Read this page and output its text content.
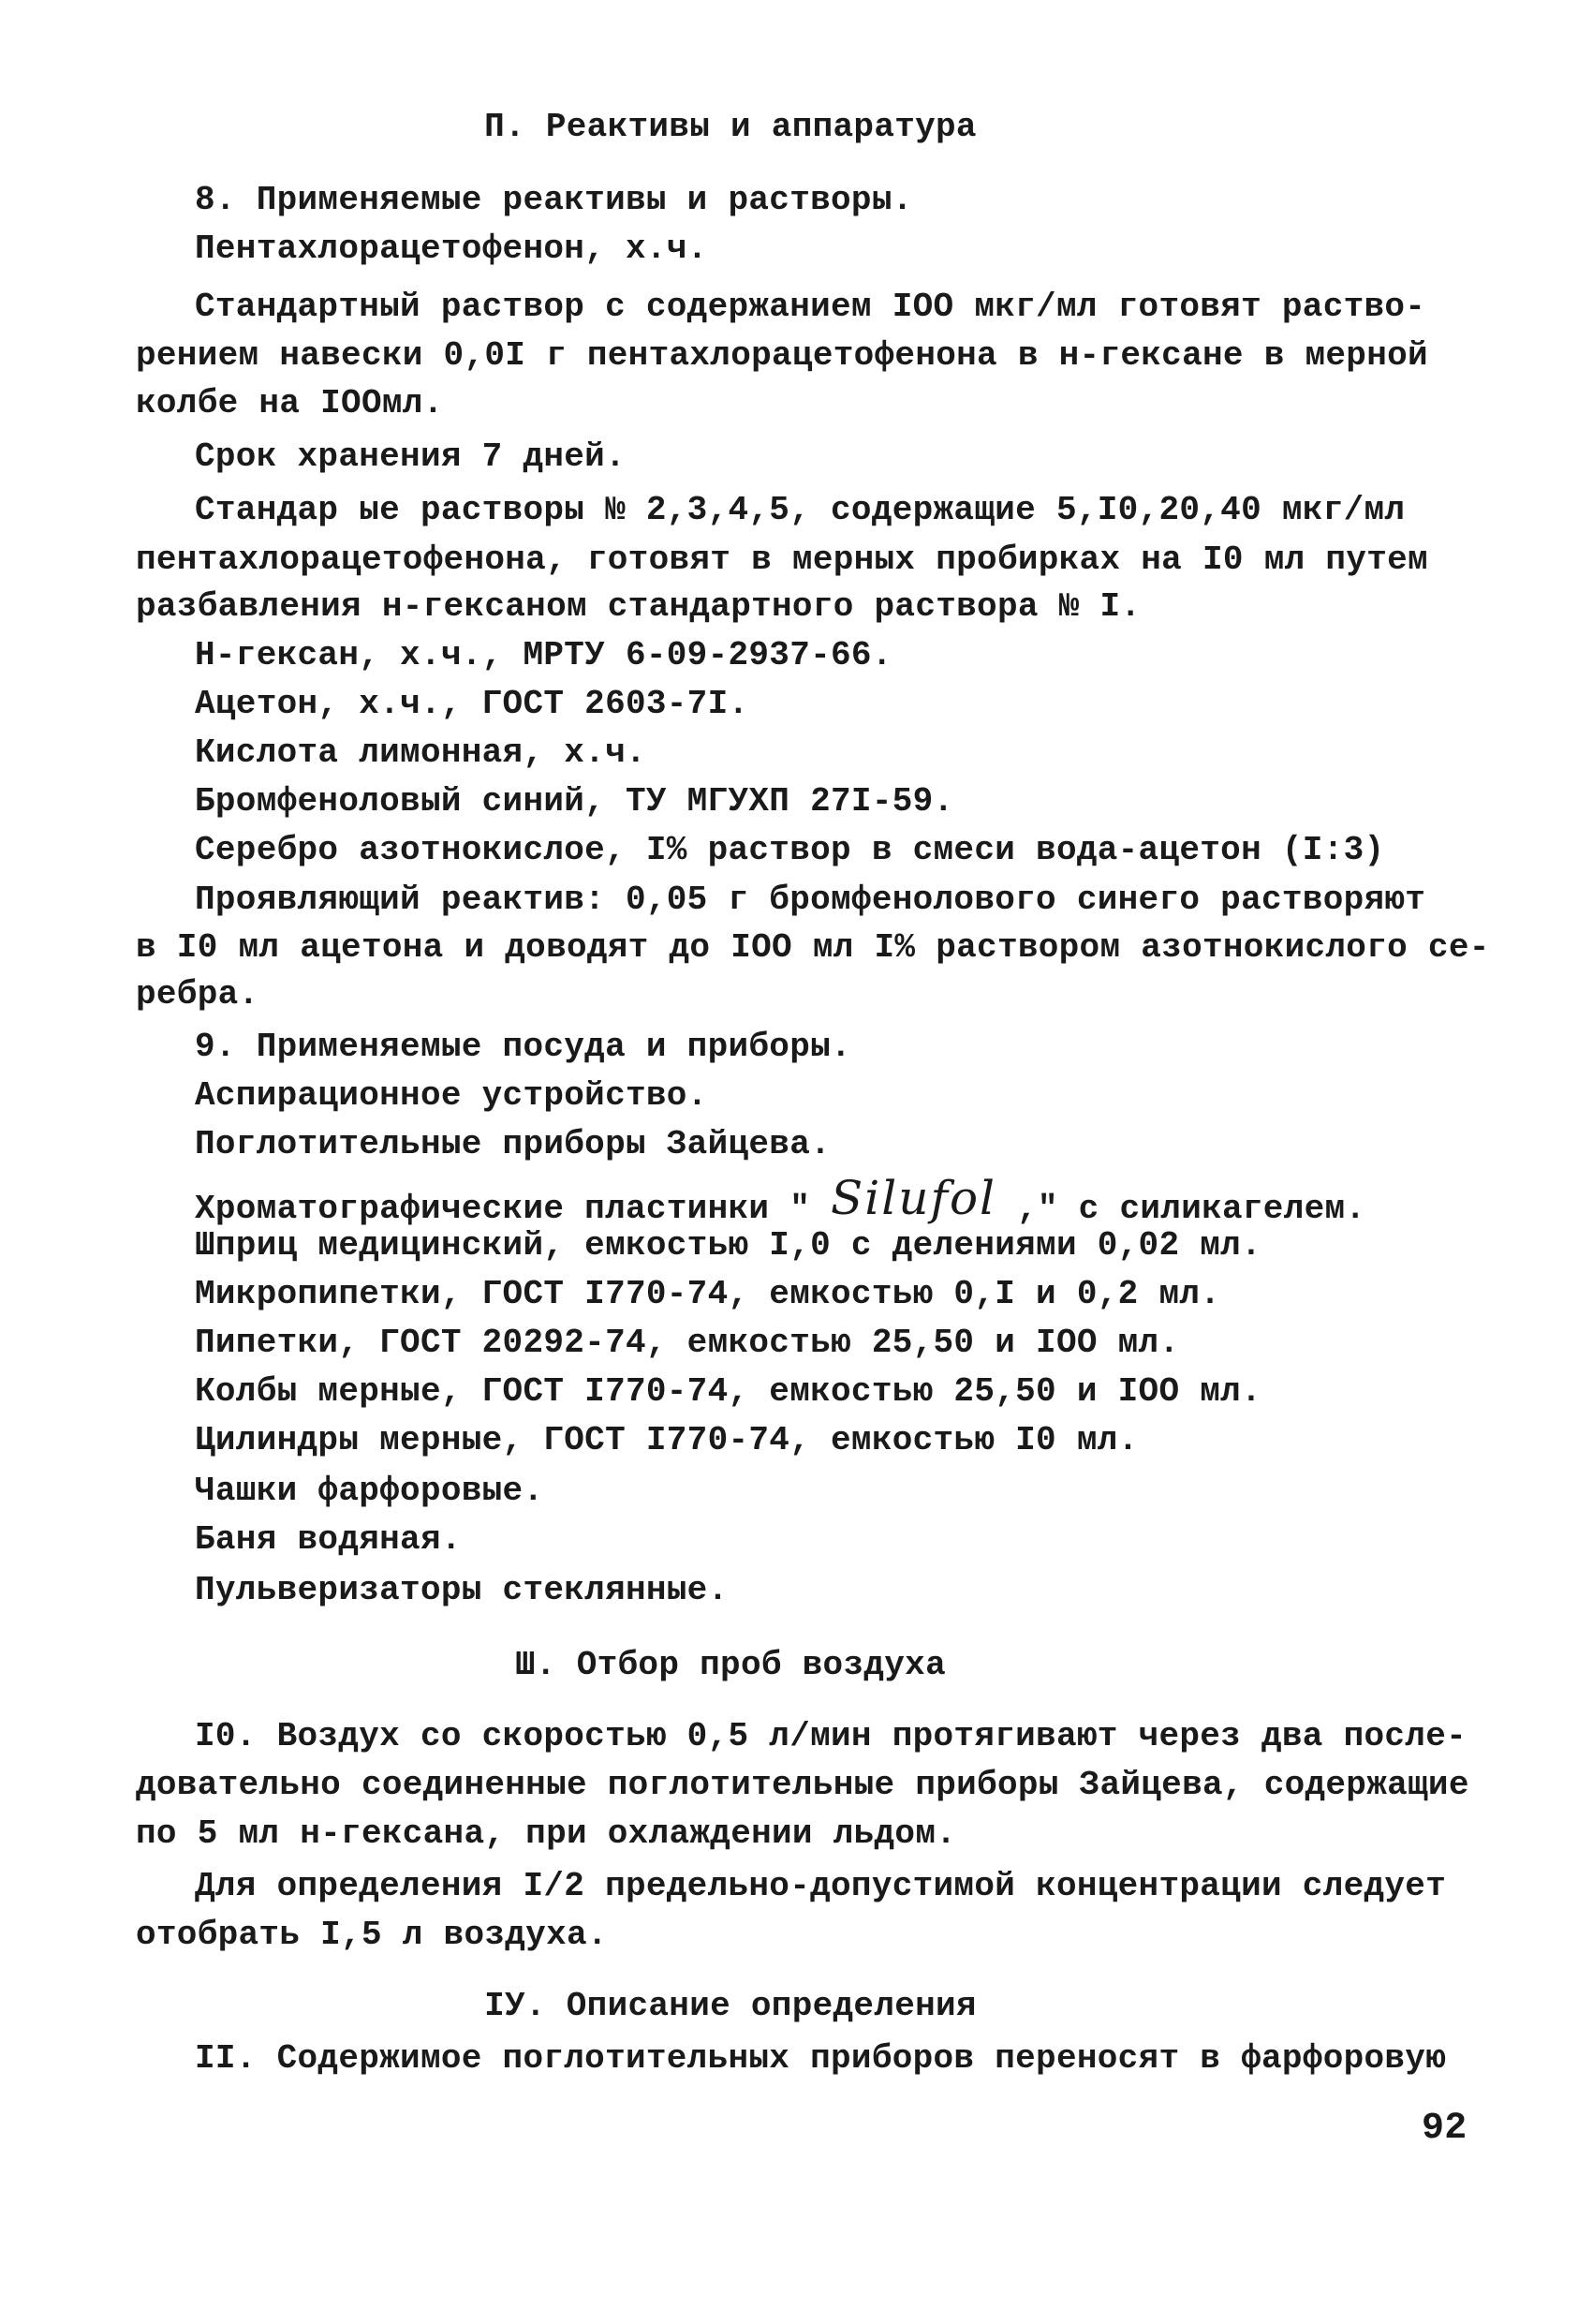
П. Реактивы и аппаратура
8. Применяемые реактивы и растворы.
Пентахлорацетофенон, х.ч.
Стандартный раствор с содержанием IOO мкг/мл готовят раство-
рением навески 0,0I г пентахлорацетофенона в н-гексане в мерной
колбе на IOOмл.
Срок хранения 7 дней.
Стандар ые растворы № 2,3,4,5, содержащие 5,I0,20,40 мкг/мл
пентахлорацетофенона, готовят в мерных пробирках на I0 мл путем
разбавления н-гексаном стандартного раствора № I.
Н-гексан, х.ч., МРТУ 6-09-2937-66.
Ацетон, х.ч., ГОСТ 2603-7I.
Кислота лимонная, х.ч.
Бромфеноловый синий, ТУ МГУХП 27I-59.
Серебро азотнокислое, I% раствор в смеси вода-ацетон (I:3)
Проявляющий реактив: 0,05 г бромфенолового синего растворяют
в I0 мл ацетона и доводят до IOO мл I% раствором азотнокислого се-
ребра.
9. Применяемые посуда и приборы.
Аспирационное устройство.
Поглотительные приборы Зайцева.
Хроматографические пластинки " Silufol ," с силикагелем.
Шприц медицинский, емкостью I,0 с делениями 0,02 мл.
Микропипетки, ГОСТ I770-74, емкостью 0,I и 0,2 мл.
Пипетки, ГОСТ 20292-74, емкостью 25,50 и IOO мл.
Колбы мерные, ГОСТ I770-74, емкостью 25,50 и IOO мл.
Цилиндры мерные, ГОСТ I770-74, емкостью I0 мл.
Чашки фарфоровые.
Баня водяная.
Пульверизаторы стеклянные.
Ш. Отбор проб воздуха
I0. Воздух со скоростью 0,5 л/мин протягивают через два после-
довательно соединенные поглотительные приборы Зайцева, содержащие
по 5 мл н-гексана, при охлаждении льдом.
Для определения I/2 предельно-допустимой концентрации следует
отобрать I,5 л воздуха.
IУ. Описание определения
II. Содержимое поглотительных приборов переносят в фарфоровую
92
